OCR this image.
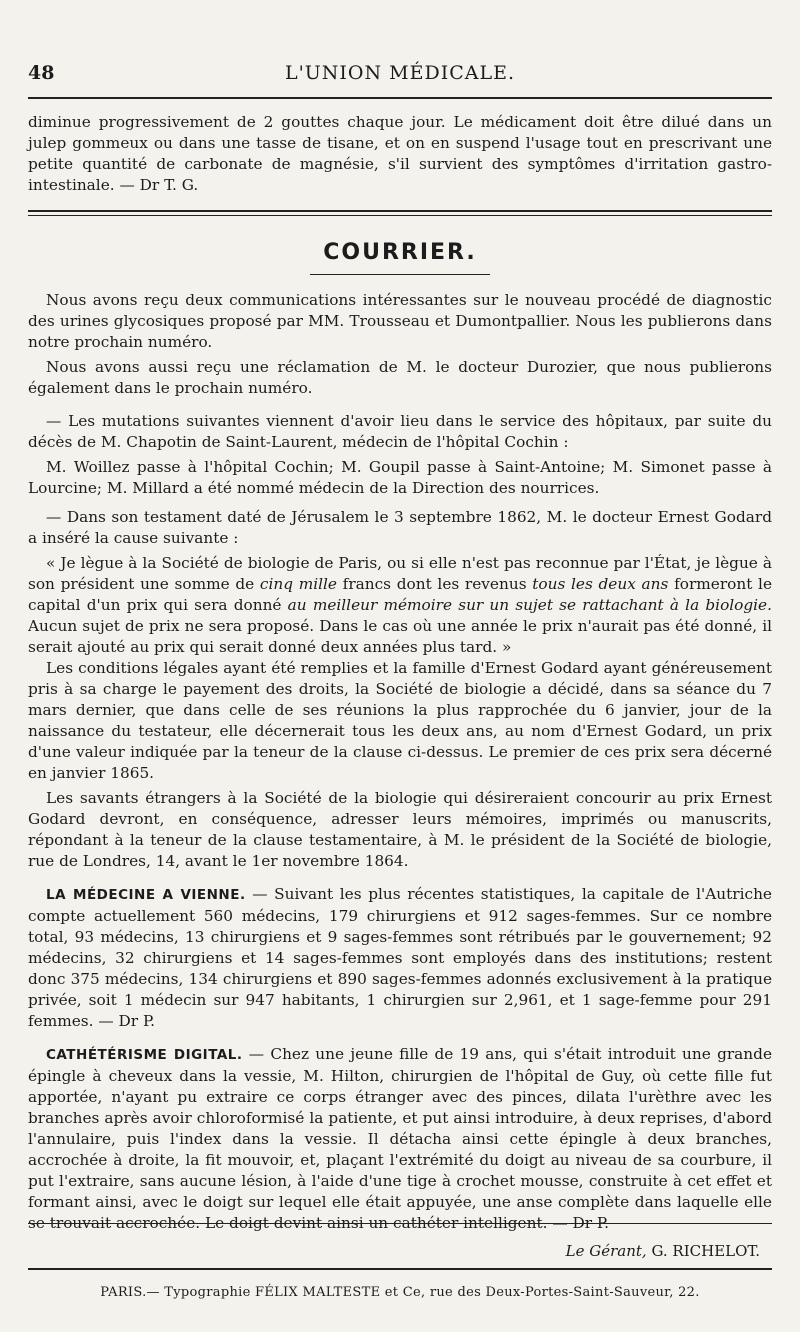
48	L'UNION MÉDICALE.

diminue progressivement de 2 gouttes chaque jour. Le médicament doit être dilué dans un julep gommeux ou dans une tasse de tisane, et on en suspend l'usage tout en prescrivant une petite quantité de carbonate de magnésie, s'il survient des symptômes d'irritation gastro-intestinale. — Dr T. G.

COURRIER.

Nous avons reçu deux communications intéressantes sur le nouveau procédé de diagnostic des urines glycosiques proposé par MM. Trousseau et Dumontpallier. Nous les publierons dans notre prochain numéro.

Nous avons aussi reçu une réclamation de M. le docteur Durozier, que nous publierons également dans le prochain numéro.

— Les mutations suivantes viennent d'avoir lieu dans le service des hôpitaux, par suite du décès de M. Chapotin de Saint-Laurent, médecin de l'hôpital Cochin :

M. Woillez passe à l'hôpital Cochin; M. Goupil passe à Saint-Antoine; M. Simonet passe à Lourcine; M. Millard a été nommé médecin de la Direction des nourrices.

— Dans son testament daté de Jérusalem le 3 septembre 1862, M. le docteur Ernest Godard a inséré la cause suivante :

« Je lègue à la Société de biologie de Paris, ou si elle n'est pas reconnue par l'État, je lègue à son président une somme de cinq mille francs dont les revenus tous les deux ans formeront le capital d'un prix qui sera donné au meilleur mémoire sur un sujet se rattachant à la biologie. Aucun sujet de prix ne sera proposé. Dans le cas où une année le prix n'aurait pas été donné, il serait ajouté au prix qui serait donné deux années plus tard. »

Les conditions légales ayant été remplies et la famille d'Ernest Godard ayant généreusement pris à sa charge le payement des droits, la Société de biologie a décidé, dans sa séance du 7 mars dernier, que dans celle de ses réunions la plus rapprochée du 6 janvier, jour de la naissance du testateur, elle décernerait tous les deux ans, au nom d'Ernest Godard, un prix d'une valeur indiquée par la teneur de la clause ci-dessus. Le premier de ces prix sera décerné en janvier 1865.

Les savants étrangers à la Société de la biologie qui désireraient concourir au prix Ernest Godard devront, en conséquence, adresser leurs mémoires, imprimés ou manuscrits, répondant à la teneur de la clause testamentaire, à M. le président de la Société de biologie, rue de Londres, 14, avant le 1er novembre 1864.

LA MÉDECINE A VIENNE. — Suivant les plus récentes statistiques, la capitale de l'Autriche compte actuellement 560 médecins, 179 chirurgiens et 912 sages-femmes. Sur ce nombre total, 93 médecins, 13 chirurgiens et 9 sages-femmes sont rétribués par le gouvernement; 92 médecins, 32 chirurgiens et 14 sages-femmes sont employés dans des institutions; restent donc 375 médecins, 134 chirurgiens et 890 sages-femmes adonnés exclusivement à la pratique privée, soit 1 médecin sur 947 habitants, 1 chirurgien sur 2,961, et 1 sage-femme pour 291 femmes. — Dr P.

CATHÉTÉRISME DIGITAL. — Chez une jeune fille de 19 ans, qui s'était introduit une grande épingle à cheveux dans la vessie, M. Hilton, chirurgien de l'hôpital de Guy, où cette fille fut apportée, n'ayant pu extraire ce corps étranger avec des pinces, dilata l'urèthre avec les branches après avoir chloroformisé la patiente, et put ainsi introduire, à deux reprises, d'abord l'annulaire, puis l'index dans la vessie. Il détacha ainsi cette épingle à deux branches, accrochée à droite, la fit mouvoir, et, plaçant l'extrémité du doigt au niveau de sa courbure, il put l'extraire, sans aucune lésion, à l'aide d'une tige à crochet mousse, construite à cet effet et formant ainsi, avec le doigt sur lequel elle était appuyée, une anse complète dans laquelle elle se trouvait accrochée. Le doigt devint ainsi un cathéter intelligent. — Dr P.

Le Gérant, G. RICHELOT.
PARIS.— Typographie FÉLIX MALTESTE et Ce, rue des Deux-Portes-Saint-Sauveur, 22.
